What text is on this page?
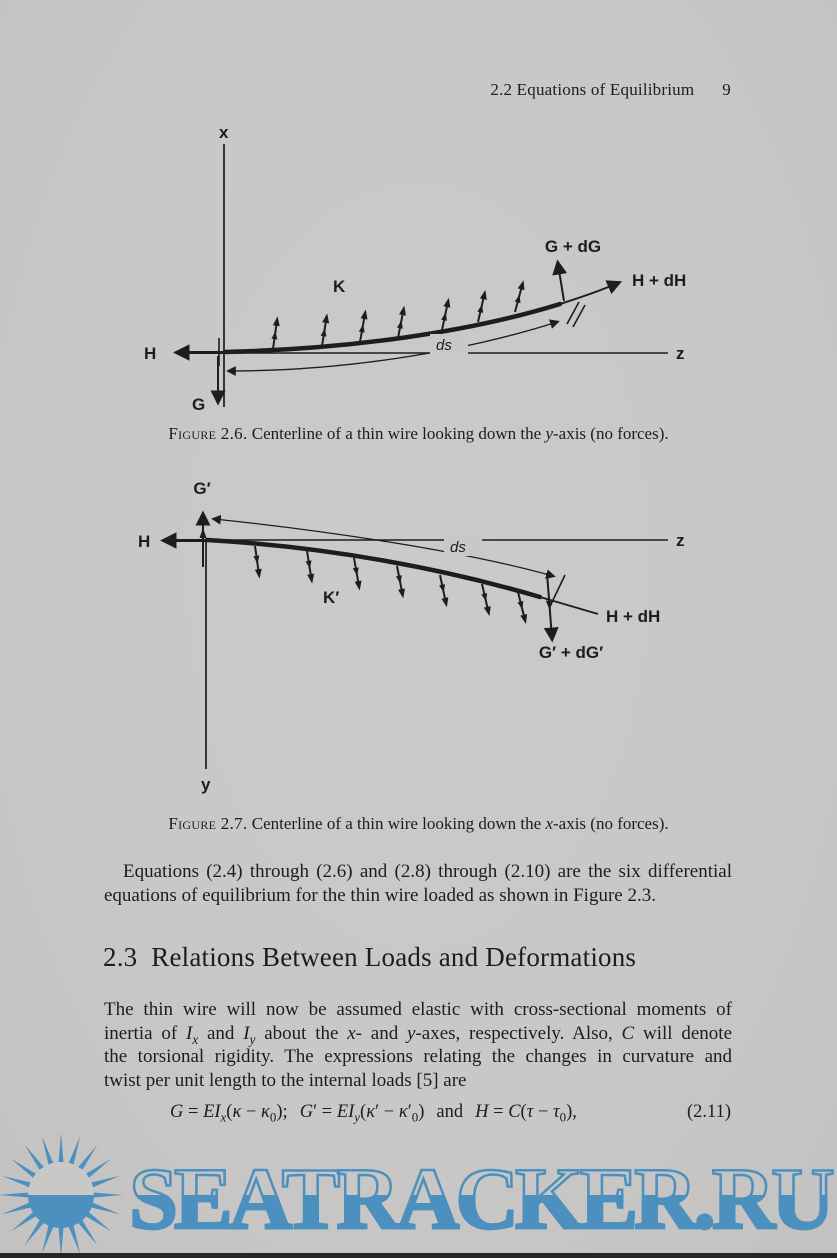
2.2 Equations of Equilibrium 9
x
z
H
G
H + dH
K
G + dG
ds
Figure 2.6. Centerline of a thin wire looking down the y-axis (no forces).
G′
H	z
y
H + dH
K′
ds
G′ + dG′
Figure 2.7. Centerline of a thin wire looking down the x-axis (no forces).
Equations (2.4) through (2.6) and (2.8) through (2.10) are the six differential
equations of equilibrium for the thin wire loaded as shown in Figure 2.3.
2.3  Relations Between Loads and Deformations
The thin wire will now be assumed elastic with cross-sectional moments of
inertia of $I_x$ and $I_y$ about the x- and y-axes, respectively. Also, C will denote
the torsional rigidity. The expressions relating the changes in curvature and
twist per unit length to the internal loads [5] are
$G = EI_x(\kappa - \kappa_0)$; $G' = EI_y(\kappa' - \kappa'_0)$ and $H = C(\tau - \tau_0)$,	(2.11)
SEATRACKER.RU
